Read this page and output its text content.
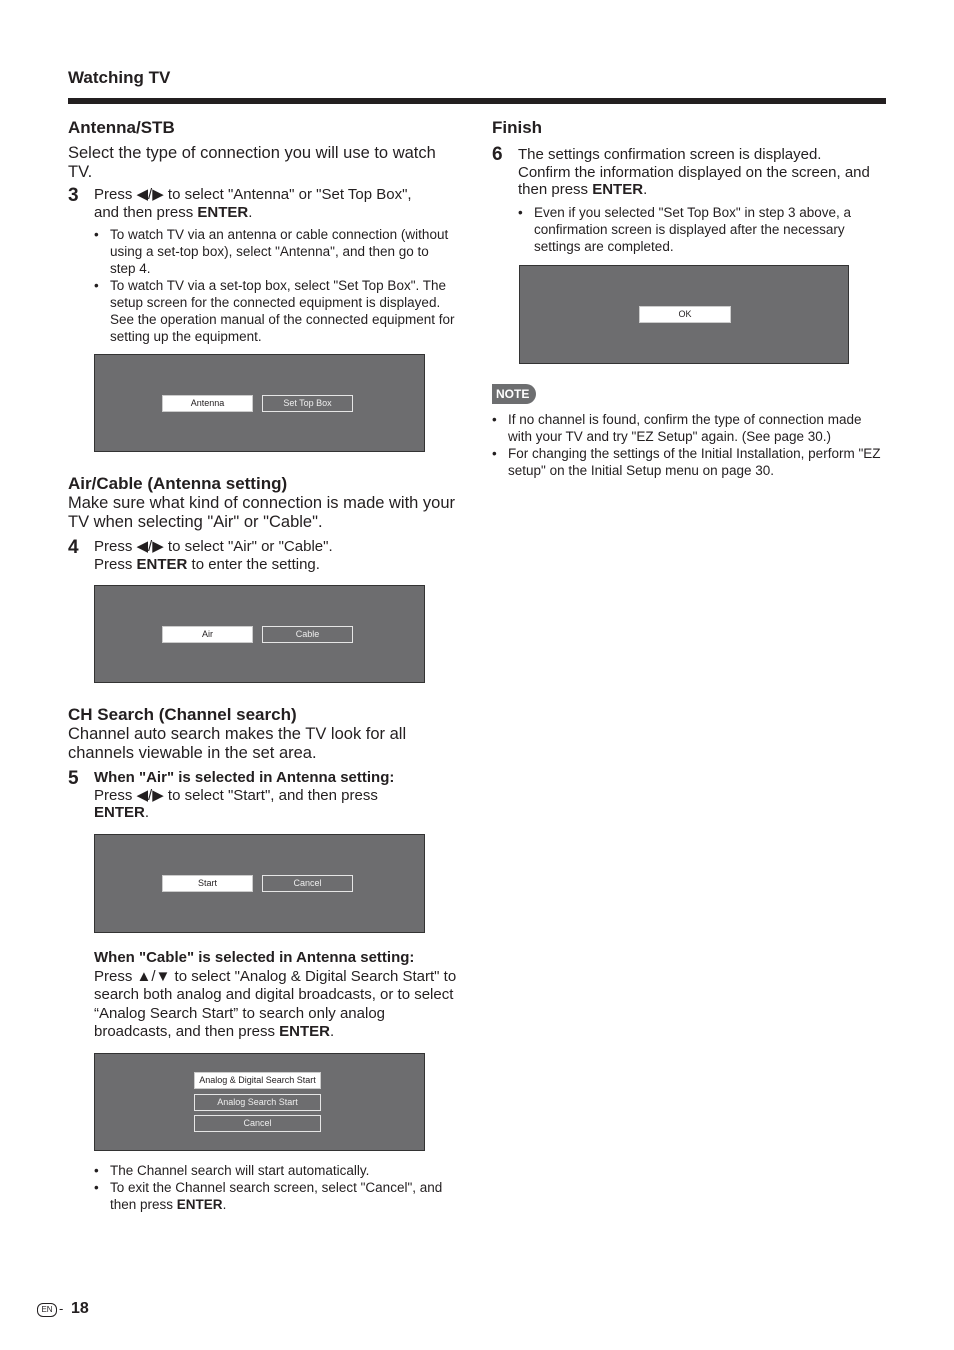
Watching TV
Antenna/STB
Select the type of connection you will use to watch TV.
3 Press ◀/▶ to select "Antenna" or "Set Top Box",
and then press ENTER.
• To watch TV via an antenna or cable connection (without using a set-top box), select "Antenna", and then go to step 4.
• To watch TV via a set-top box, select "Set Top Box". The setup screen for the connected equipment is displayed. See the operation manual of the connected equipment for setting up the equipment.
Antenna	Set Top Box
Air/Cable (Antenna setting)
Make sure what kind of connection is made with your TV when selecting "Air" or "Cable".
4 Press ◀/▶ to select "Air" or "Cable".
Press ENTER to enter the setting.
Air	Cable
CH Search (Channel search)
Channel auto search makes the TV look for all channels viewable in the set area.
5 When "Air" is selected in Antenna setting:
Press ◀/▶ to select "Start", and then press
ENTER.
Start	Cancel
When "Cable" is selected in Antenna setting:
Press ▲/▼ to select "Analog & Digital Search Start" to search both analog and digital broadcasts, or to select “Analog Search Start” to search only analog broadcasts, and then press ENTER.
Analog & Digital Search Start
Analog Search Start
Cancel
• The Channel search will start automatically.
• To exit the Channel search screen, select "Cancel", and then press ENTER.
Finish
6 The settings confirmation screen is displayed. Confirm the information displayed on the screen, and then press ENTER.
• Even if you selected "Set Top Box" in step 3 above, a confirmation screen is displayed after the necessary settings are completed.
OK
NOTE
• If no channel is found, confirm the type of connection made with your TV and try "EZ Setup" again. (See page 30.)
• For changing the settings of the Initial Installation, perform "EZ setup" on the Initial Setup menu on page 30.
EN - 18
